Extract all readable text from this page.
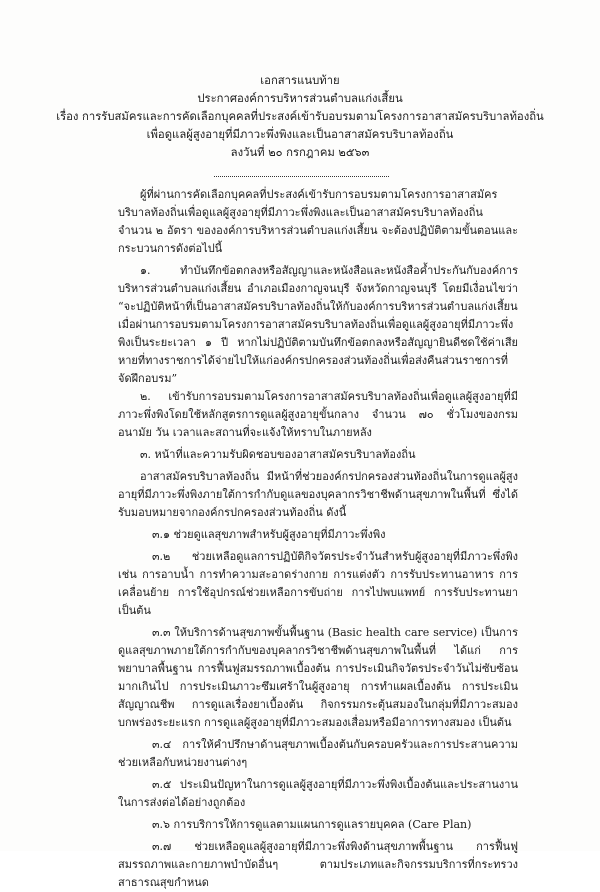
เอกสารแนบท้าย
ประกาศองค์การบริหารส่วนตำบลแก่งเสี้ยน
เรื่อง การรับสมัครและการคัดเลือกบุคคลที่ประสงค์เข้ารับอบรมตามโครงการอาสาสมัครบริบาลท้องถิ่น
เพื่อดูแลผู้สูงอายุที่มีภาวะพึ่งพิงและเป็นอาสาสมัครบริบาลท้องถิ่น
ลงวันที่ ๒๐ กรกฎาคม ๒๕๖๓

ผู้ที่ผ่านการคัดเลือกบุคคลที่ประสงค์เข้ารับการอบรมตามโครงการอาสาสมัครบริบาลท้องถิ่นเพื่อดูแลผู้สูงอายุที่มีภาวะพึ่งพิงและเป็นอาสาสมัครบริบาลท้องถิ่น จำนวน ๒ อัตรา ขององค์การบริหารส่วนตำบลแก่งเสี้ยน จะต้องปฏิบัติตามขั้นตอนและกระบวนการดังต่อไปนี้

๑. ทำบันทึกข้อตกลงหรือสัญญาและหนังสือและหนังสือค้ำประกันกับองค์การบริหารส่วนตำบลแก่งเสี้ยน อำเภอเมืองกาญจนบุรี จังหวัดกาญจนบุรี โดยมีเงื่อนไขว่า “จะปฏิบัติหน้าที่เป็นอาสาสมัครบริบาลท้องถิ่นให้กับองค์การบริหารส่วนตำบลแก่งเสี้ยน เมื่อผ่านการอบรมตามโครงการอาสาสมัครบริบาลท้องถิ่นเพื่อดูแลผู้สูงอายุที่มีภาวะพึ่งพิงเป็นระยะเวลา ๑ ปี หากไม่ปฏิบัติตามบันทึกข้อตกลงหรือสัญญายินดีชดใช้ค่าเสียหายที่ทางราชการได้จ่ายไปให้แก่องค์กรปกครองส่วนท้องถิ่นเพื่อส่งคืนส่วนราชการที่จัดฝึกอบรม”

๒. เข้ารับการอบรมตามโครงการอาสาสมัครบริบาลท้องถิ่นเพื่อดูแลผู้สูงอายุที่มีภาวะพึ่งพิงโดยใช้หลักสูตรการดูแลผู้สูงอายุขั้นกลาง จำนวน ๗๐ ชั่วโมงของกรมอนามัย วัน เวลาและสถานที่จะแจ้งให้ทราบในภายหลัง

๓. หน้าที่และความรับผิดชอบของอาสาสมัครบริบาลท้องถิ่น

อาสาสมัครบริบาลท้องถิ่น มีหน้าที่ช่วยองค์กรปกครองส่วนท้องถิ่นในการดูแลผู้สูงอายุที่มีภาวะพึ่งพิงภายใต้การกำกับดูแลของบุคลากรวิชาชีพด้านสุขภาพในพื้นที่ ซึ่งได้รับมอบหมายจากองค์กรปกครองส่วนท้องถิ่น ดังนี้

๓.๑ ช่วยดูแลสุขภาพสำหรับผู้สูงอายุที่มีภาวะพึ่งพิง

๓.๒ ช่วยเหลือดูแลการปฏิบัติกิจวัตรประจำวันสำหรับผู้สูงอายุที่มีภาวะพึ่งพิง เช่น การอาบน้ำ การทำความสะอาดร่างกาย การแต่งตัว การรับประทานอาหาร การเคลื่อนย้าย การใช้อุปกรณ์ช่วยเหลือการขับถ่าย การไปพบแพทย์ การรับประทานยา เป็นต้น

๓.๓ ให้บริการด้านสุขภาพขั้นพื้นฐาน (Basic health care service) เป็นการดูแลสุขภาพภายใต้การกำกับของบุคลากรวิชาชีพด้านสุขภาพในพื้นที่ ได้แก่ การพยาบาลพื้นฐาน การฟื้นฟูสมรรถภาพเบื้องต้น การประเมินกิจวัตรประจำวันไม่ซับซ้อนมากเกินไป การประเมินภาวะซึมเศร้าในผู้สูงอายุ การทำแผลเบื้องต้น การประเมินสัญญาณชีพ การดูแลเรื่องยาเบื้องต้น กิจกรรมกระตุ้นสมองในกลุ่มที่มีภาวะสมองบกพร่องระยะแรก การดูแลผู้สูงอายุที่มีภาวะสมองเสื่อมหรือมีอาการทางสมอง เป็นต้น

๓.๔ การให้คำปรึกษาด้านสุขภาพเบื้องต้นกับครอบครัวและการประสานความช่วยเหลือกับหน่วยงานต่างๆ

๓.๕ ประเมินปัญหาในการดูแลผู้สูงอายุที่มีภาวะพึ่งพิงเบื้องต้นและประสานงานในการส่งต่อได้อย่างถูกต้อง

๓.๖ การบริการให้การดูแลตามแผนการดูแลรายบุคคล (Care Plan)

๓.๗ ช่วยเหลือดูแลผู้สูงอายุที่มีภาวะพึ่งพิงด้านสุขภาพพื้นฐาน การฟื้นฟูสมรรถภาพและกายภาพบำบัดอื่นๆ ตามประเภทและกิจกรรมบริการที่กระทรวงสาธารณสุขกำหนด
